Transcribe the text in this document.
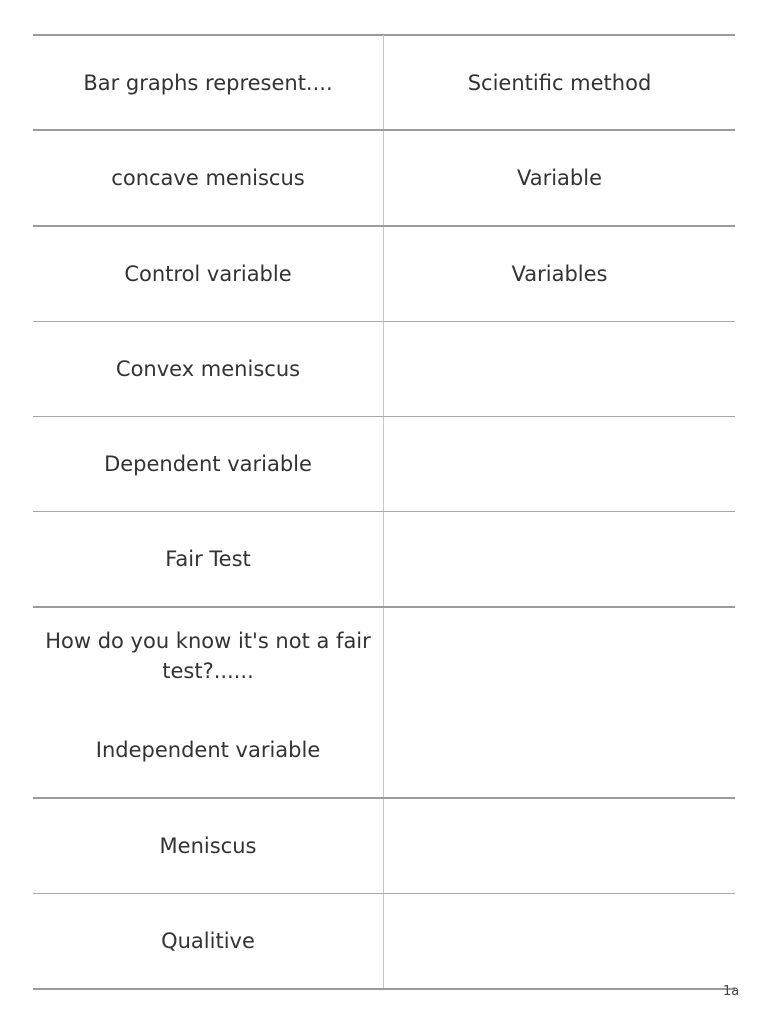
Bar graphs represent....	Scientific method
concave meniscus	Variable
Control variable	Variables
Convex meniscus
Dependent variable
Fair Test
How do you know it's not a fair test?......
Independent variable
Meniscus
Qualitive
1a
